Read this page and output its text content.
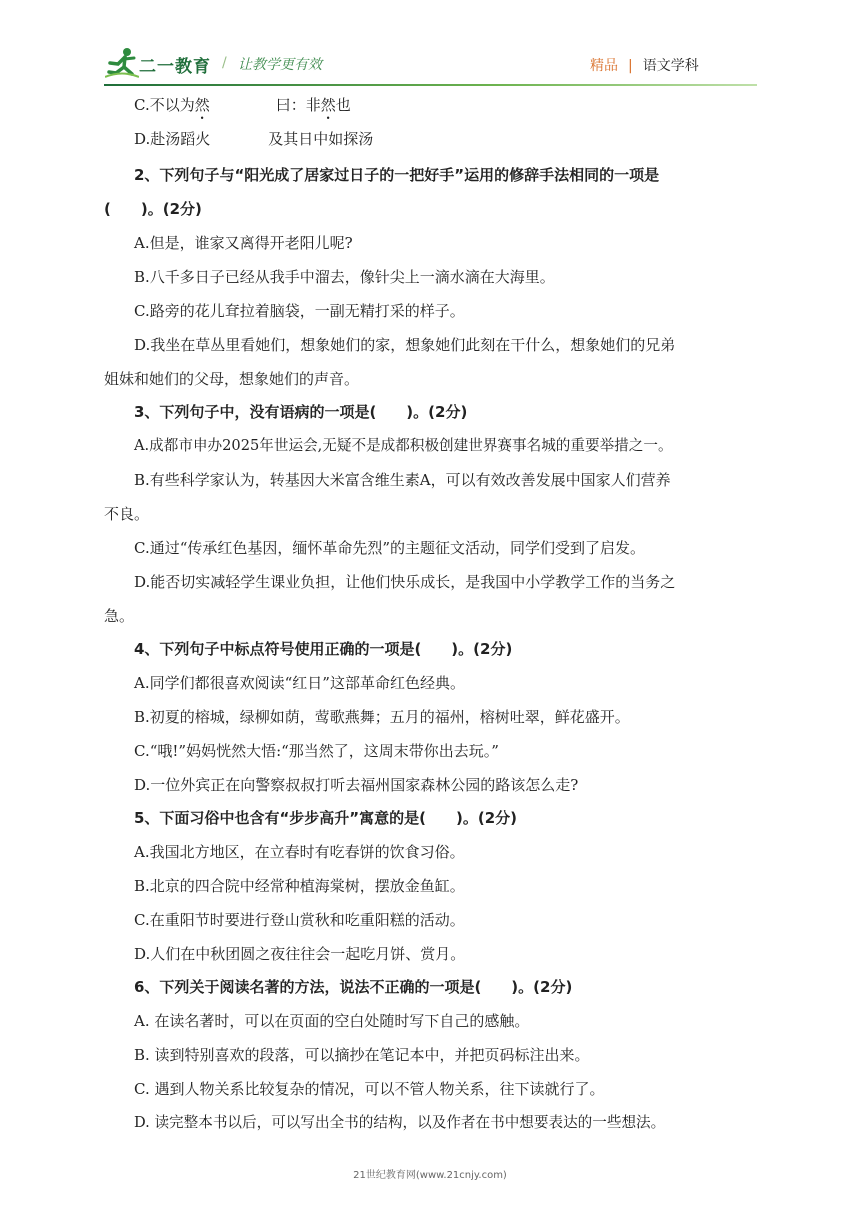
二一教育 / 让教学更有效	精品 | 语文学科
C.不以为然	曰：非然也
D.赴汤蹈火	及其日中如探汤
2、下列句子与“阳光成了居家过日子的一把好手”运用的修辞手法相同的一项是
(　　)。(2分)
A.但是，谁家又离得开老阳儿呢?
B.八千多日子已经从我手中溜去，像针尖上一滴水滴在大海里。
C.路旁的花儿耷拉着脑袋，一副无精打采的样子。
D.我坐在草丛里看她们，想象她们的家，想象她们此刻在干什么，想象她们的兄弟
姐妹和她们的父母，想象她们的声音。
3、下列句子中，没有语病的一项是(　　)。(2分)
A.成都市申办2025年世运会,无疑不是成都积极创建世界赛事名城的重要举措之一。
B.有些科学家认为，转基因大米富含维生素A，可以有效改善发展中国家人们营养
不良。
C.通过“传承红色基因，缅怀革命先烈”的主题征文活动，同学们受到了启发。
D.能否切实减轻学生课业负担，让他们快乐成长，是我国中小学教学工作的当务之
急。
4、下列句子中标点符号使用正确的一项是(　　)。(2分)
A.同学们都很喜欢阅读“红日”这部革命红色经典。
B.初夏的榕城，绿柳如荫，莺歌燕舞；五月的福州，榕树吐翠，鲜花盛开。
C.“哦!”妈妈恍然大悟:“那当然了，这周末带你出去玩。”
D.一位外宾正在向警察叔叔打听去福州国家森林公园的路该怎么走?
5、下面习俗中也含有“步步高升”寓意的是(　　)。(2分)
A.我国北方地区，在立春时有吃春饼的饮食习俗。
B.北京的四合院中经常种植海棠树，摆放金鱼缸。
C.在重阳节时要进行登山赏秋和吃重阳糕的活动。
D.人们在中秋团圆之夜往往会一起吃月饼、赏月。
6、下列关于阅读名著的方法，说法不正确的一项是(　　)。(2分)
A. 在读名著时，可以在页面的空白处随时写下自己的感触。
B. 读到特别喜欢的段落，可以摘抄在笔记本中，并把页码标注出来。
C. 遇到人物关系比较复杂的情况，可以不管人物关系，往下读就行了。
D. 读完整本书以后，可以写出全书的结构，以及作者在书中想要表达的一些想法。
21世纪教育网(www.21cnjy.com)
